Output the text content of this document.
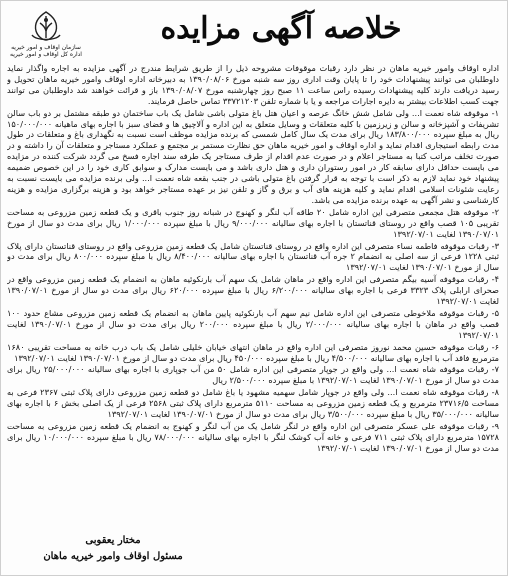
سازمان اوقاف و امور خیریه
اداره کل اوقاف و امور خیریه
خلاصه آگهی مزایده

اداره اوقاف وامور خیریه ماهان در نظر دارد رقبات موقوفات مشروحه ذیل را از طریق شرایط مندرج در آگهی مزایده به اجاره واگذار نماید داوطلبان می توانند پیشنهادات خود را تا پایان وقت اداری روز سه شنبه مورخ ۱۳۹۰/۰۸/۰۶ به دبیرخانه اداره اوقاف وامور خیریه ماهان تحویل و رسید دریافت دارند کلیه پیشنهادات رسیده راس ساعت ۱۱ صبح روز چهارشنبه مورخ ۱۳۹۰/۰۸/۰۷ باز و قرائت خواهند شد داوطلبان می توانند جهت کسب اطلاعات بیشتر به دایره اجارات مراجعه و یا با شماره تلفن ۳۳۷۲۱۲۰۳ تماس حاصل فرمایند.

۱- موقوفه شاه نعمت ا... ولی شامل شش خانگ عرصه و اعیان هتل باغ متولی باشی شامل یک باب ساختمان دو طبقه مشتمل بر دو باب سالن تشریفات و آشپزخانه و سالن و زیرزمین با کلیه متعلقات و وسایل متعلق به این اداره و آلاچیق ها و فضای سبز با اجاره بهای ماهیانه ۱۵۰/۰۰۰/۰۰۰ ریال به مبلغ سپرده ۱۸۳/۸۰۰/۰۰۰ ریال برای مدت یک سال کامل شمسی که برنده مزایده موظف است نسبت به نگهداری باغ و متعلقات در طول مدت رابطه استیجاری اقدام نماید و اداره اوقاف و امور خیریه ماهان حق نظارت مستمر بر مجتمع و عملکرد مستاجر و متعلقات آن را داشته و در صورت تخلف مراتب کتبا به مستاجر اعلام و در صورت عدم اقدام از طرف مستاجر یک طرفه سند اجاره فسخ می گردد شرکت کننده در مزایده می بایست حداقل دارای سابقه کار در امور رستوران داری و هتل داری باشد و می بایست مدارک و سوابق کاری خود را در این خصوص ضمیمه پیشنهاد خود نماید لازم به ذکر است با توجه به قرار گرفتن باغ متولی باشی در جنب بقعه شاه نعمت ا... ولی برنده مزایده می بایست نسبت به رعایت شئونات اسلامی اقدام نماید و کلیه هزینه های آب و برق و گاز و تلفن نیز بر عهده مستاجر خواهد بود و هزینه برگزاری مزایده و هزینه کارشناسی و نشر آگهی به عهده برنده مزایده می باشد.

۲- موقوفه هتل مجمعی متصرفی این اداره شامل ۲۰ طاقه آب لنگر و کهنوج در شبانه روز جنوب باقری و یک قطعه زمین مزروعی به مساحت تقریبی ۱۰۵ قصب واقع در روستای قناتستان با اجاره بهای سالیانه ۹/۰۰۰/۰۰۰ ریال با مبلغ سپرده ۱/۰۰۰/۰۰۰ ریال برای مدت دو سال از مورخ ۱۳۹۰/۰۷/۰۱ لغایت ۱۳۹۲/۰۷/۰۱

۳- رقبات موقوفه فاطمه نساء متصرفی این اداره واقع در روستای قناتستان شامل یک قطعه زمین مزروعی واقع در روستای قناتستان دارای پلاک ثبتی ۱۲۲۸ فرعی از سه اصلی به انضمام ۲ جره آب قناتستان با اجاره بهای سالیانه ۸/۴۰۰/۰۰۰ ریال با مبلغ سپرده ۸۰۰/۰۰۰ ریال برای مدت دو سال از مورخ ۱۳۹۰/۰۷/۰۱ لغایت ۱۳۹۲/۰۷/۰۱

۴- رقبات موقوفه آسیه بیگم متصرفی این اداره واقع در ماهان شامل یک سهم آب بارنکوئیه ماهان به انضمام یک قطعه زمین مزروعی واقع در صحرای ارابلی پلاک ۳۳۲۳ فرعی با اجاره بهای سالیانه ۶/۲۰۰/۰۰۰ ریال با مبلغ سپرده ۶۲۰/۰۰۰ ریال برای مدت دو سال از مورخ ۱۳۹۰/۰۷/۰۱ لغایت ۱۳۹۲/۰۷/۰۱

۵- رقبات موقوفه ملاخوطی متصرفی این اداره شامل نیم سهم آب بارنکوئیه پایین ماهان به انضمام یک قطعه زمین مزروعی مشاع حدود ۱۰۰ قصب واقع در ماهان با اجاره بهای سالیانه ۲/۰۰۰/۰۰۰ ریال با مبلغ سپرده ۲۰۰/۰۰۰ ریال برای مدت دو سال از مورخ ۱۳۹۰/۰۷/۰۱ لغایت ۱۳۹۲/۰۷/۰۱

۶- رقبات موقوفه حسین محمد نوروز متصرفی این اداره واقع در ماهان انتهای خیابان خلیلی شامل یک باب درب خانه به مساحت تقریبی ۱۶۸۰ مترمربع فاقد آب با اجاره بهای سالیانه ۴/۵۰۰/۰۰۰ ریال با مبلغ سپرده ۴۵۰/۰۰۰ ریال برای مدت دو سال از مورخ ۱۳۹۰/۰۷/۰۱ لغایت ۱۳۹۲/۰۷/۰۱

۷- رقبات موقوفه شاه نعمت ا... ولی واقع در جوپار متصرفی این اداره شامل ۵۰ من آب جوپاری با اجاره بهای سالیانه ۲۵/۰۰۰/۰۰۰ ریال برای مدت دو سال از مورخ ۱۳۹۰/۰۷/۰۱ لغایت ۱۳۹۲/۰۷/۰۱ با مبلغ سپرده ۲/۵۰۰/۰۰۰ ریال

۸- رقبات موقوفه شاه نعمت ا... ولی واقع در جوپار شامل سهمیه مشهود یا باغ شامل دو قطعه زمین مزروعی دارای پلاک ثبتی ۲۳۶۷ فرعی به مساحت ۲۳۷۱۶/۵ مترمربع و یک قطعه زمین مزروعی به مساحت ۵۱۱۰ مترمربع دارای پلاک ثبتی ۲۵۶۸ فرعی از یک اصلی بخش ۶ با اجاره بهای سالیانه ۳۵/۰۰۰/۰۰۰ ریال با مبلغ سپرده ۳/۵۰۰/۰۰۰ ریال برای مدت دو سال از مورخ ۱۳۹۰/۰۷/۰۱ لغایت ۱۳۹۲/۰۷/۰۱

۹- رقبات موقوفه علی عسکر متصرفی این اداره واقع در لنگر شامل یک من آب لنگر و کهنوج به انضمام یک قطعه زمین مزروعی به مساحت ۱۵۷۲۸ مترمربع دارای پلاک ثبتی ۷۱۱ فرعی و خانه آب کوشک لنگر با اجاره بهای سالیانه ۷۸/۰۰۰/۰۰۰ ریال با مبلغ سپرده ۱۰/۰۰۰/۰۰۰ ریال برای مدت دو سال از مورخ ۱۳۹۰/۰۷/۰۱ لغایت ۱۳۹۲/۰۷/۰۱

مختار یعقوبی
مسئول اوقاف وامور خیریه ماهان
